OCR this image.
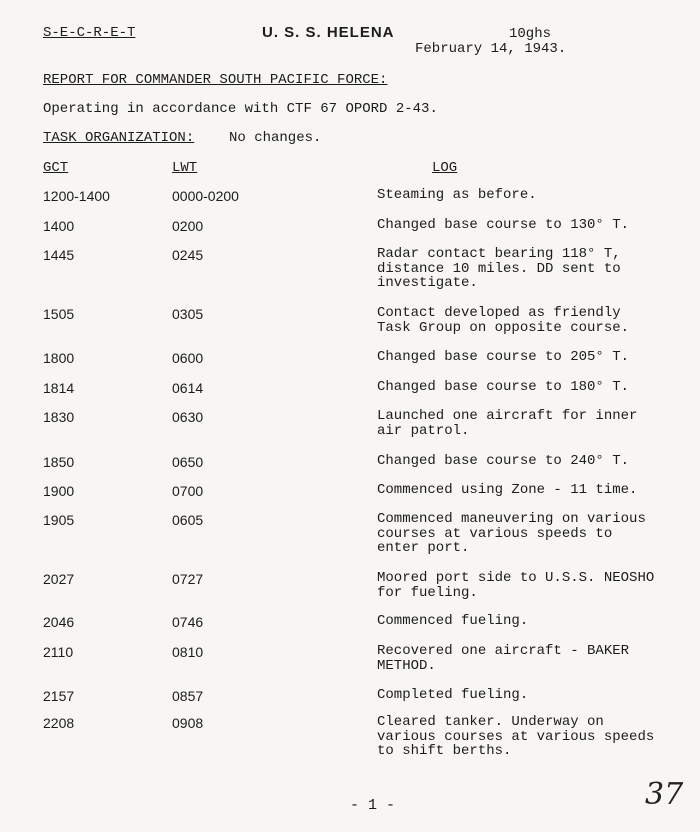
S-E-C-R-E-T	U. S. S. HELENA	10ghs
February 14, 1943.
REPORT FOR COMMANDER SOUTH PACIFIC FORCE:
Operating in accordance with CTF 67 OPORD 2-43.
TASK ORGANIZATION: No changes.
GCT	LWT	LOG
1200-1400	0000-0200	Steaming as before.
1400	0200	Changed base course to 130° T.
1445	0245	Radar contact bearing 118° T,
distance 10 miles. DD sent to
investigate.
1505	0305	Contact developed as friendly
Task Group on opposite course.
1800	0600	Changed base course to 205° T.
1814	0614	Changed base course to 180° T.
1830	0630	Launched one aircraft for inner
air patrol.
1850	0650	Changed base course to 240° T.
1900	0700	Commenced using Zone - 11 time.
1905	0605	Commenced maneuvering on various
courses at various speeds to
enter port.
2027	0727	Moored port side to U.S.S. NEOSHO
for fueling.
2046	0746	Commenced fueling.
2110	0810	Recovered one aircraft - BAKER
METHOD.
2157	0857	Completed fueling.
2208	0908	Cleared tanker. Underway on
various courses at various speeds
to shift berths.
- 1 -	37
